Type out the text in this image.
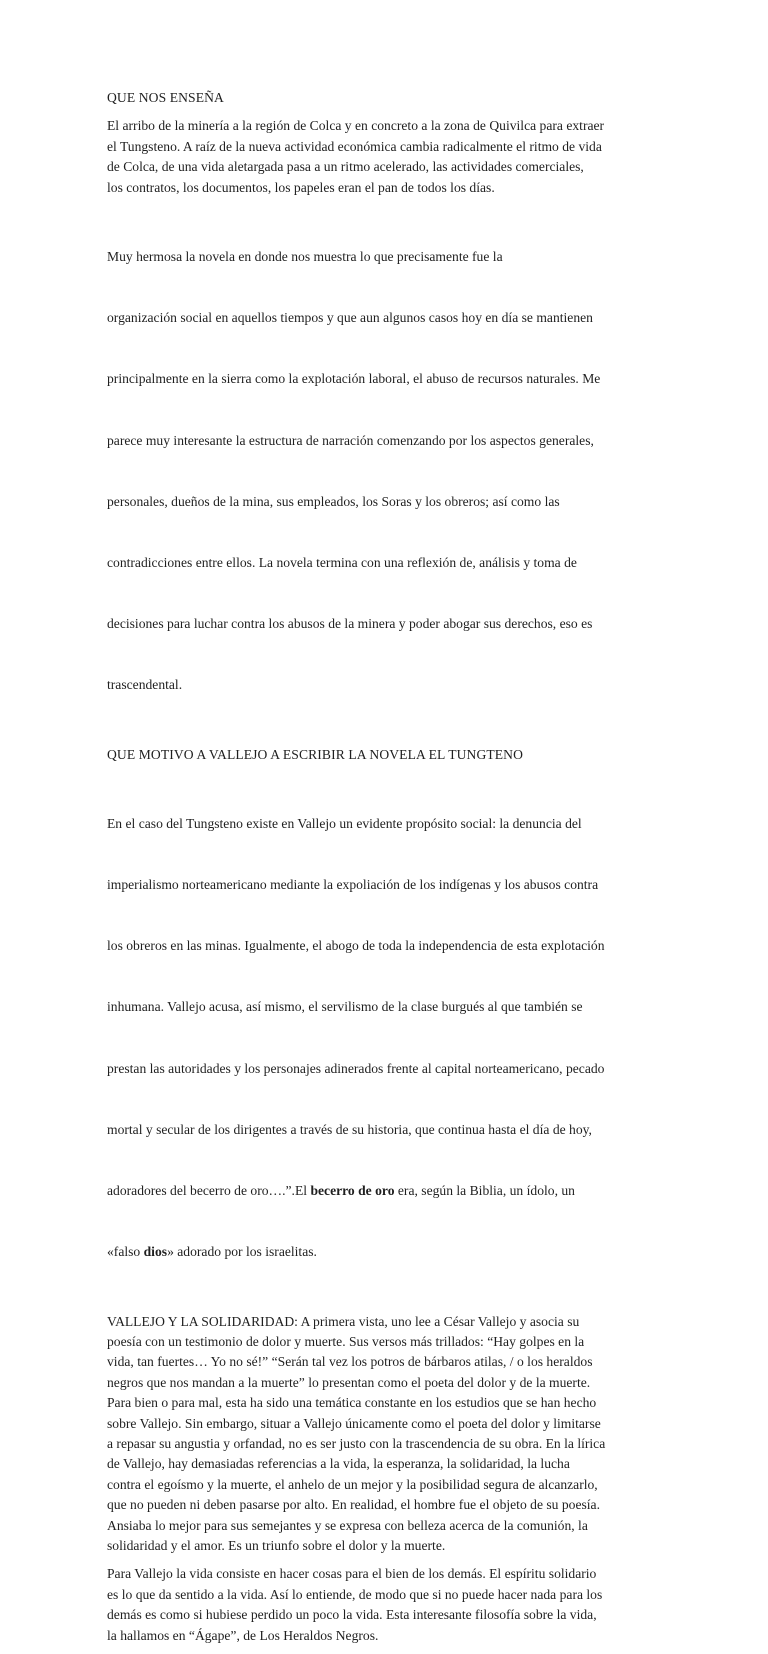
QUE NOS ENSEÑA
El arribo de la minería a la región de Colca y en concreto a la zona de Quivilca para extraer
el Tungsteno. A raíz de la nueva actividad económica cambia radicalmente el ritmo de vida
de Colca, de una vida aletargada pasa a un ritmo acelerado, las actividades comerciales,
los contratos, los documentos, los papeles eran el pan de todos los días.

Muy hermosa la novela en donde nos muestra lo que precisamente fue la

organización social en aquellos tiempos y que aun algunos casos hoy en día se mantienen

principalmente en la sierra como la explotación laboral, el abuso de recursos naturales. Me

parece muy interesante la estructura de narración comenzando por los aspectos generales,

personales, dueños de la mina, sus empleados, los Soras y los obreros; así como las

contradicciones entre ellos. La novela termina con una reflexión de, análisis y toma de

decisiones para luchar contra los abusos de la minera y poder abogar sus derechos, eso es

trascendental.

QUE MOTIVO A VALLEJO A ESCRIBIR LA NOVELA EL TUNGTENO

En el caso del Tungsteno existe en Vallejo un evidente propósito social: la denuncia del

imperialismo norteamericano mediante la expoliación de los indígenas y los abusos contra

los obreros en las minas. Igualmente, el abogo de toda la independencia de esta explotación

inhumana. Vallejo acusa, así mismo, el servilismo de la clase burgués al que también se

prestan las autoridades y los personajes adinerados frente al capital norteamericano, pecado

mortal y secular de los dirigentes a través de su historia, que continua hasta el día de hoy,

adoradores del becerro de oro….”.El becerro de oro era, según la Biblia, un ídolo, un

«falso dios» adorado por los israelitas.

VALLEJO Y LA SOLIDARIDAD: A primera vista, uno lee a César Vallejo y asocia su
poesía con un testimonio de dolor y muerte. Sus versos más trillados: “Hay golpes en la
vida, tan fuertes… Yo no sé!” “Serán tal vez los potros de bárbaros atilas, / o los heraldos
negros que nos mandan a la muerte” lo presentan como el poeta del dolor y de la muerte.
Para bien o para mal, esta ha sido una temática constante en los estudios que se han hecho
sobre Vallejo. Sin embargo, situar a Vallejo únicamente como el poeta del dolor y limitarse
a repasar su angustia y orfandad, no es ser justo con la trascendencia de su obra. En la lírica
de Vallejo, hay demasiadas referencias a la vida, la esperanza, la solidaridad, la lucha
contra el egoísmo y la muerte, el anhelo de un mejor y la posibilidad segura de alcanzarlo,
que no pueden ni deben pasarse por alto. En realidad, el hombre fue el objeto de su poesía.
Ansiaba lo mejor para sus semejantes y se expresa con belleza acerca de la comunión, la
solidaridad y el amor. Es un triunfo sobre el dolor y la muerte.
Para Vallejo la vida consiste en hacer cosas para el bien de los demás. El espíritu solidario
es lo que da sentido a la vida. Así lo entiende, de modo que si no puede hacer nada para los
demás es como si hubiese perdido un poco la vida. Esta interesante filosofía sobre la vida,
la hallamos en “Ágape”, de Los Heraldos Negros.
